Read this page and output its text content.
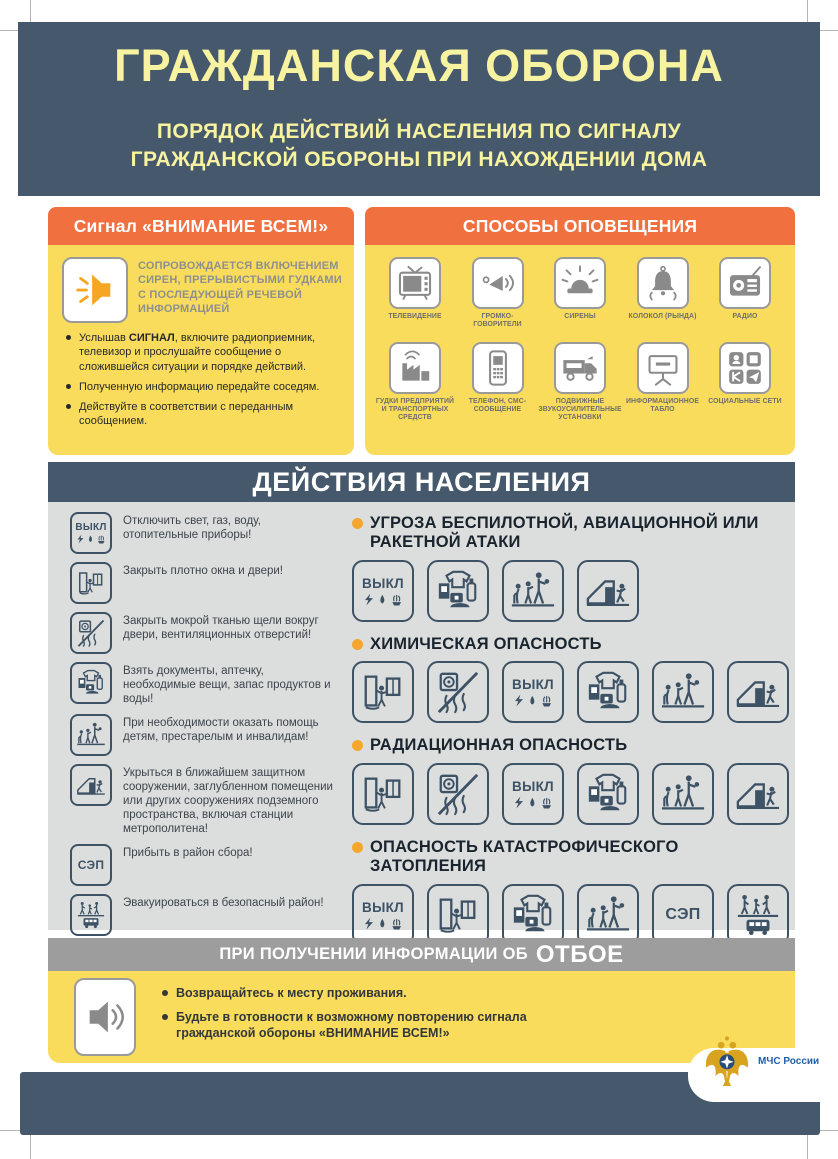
ГРАЖДАНСКАЯ ОБОРОНА
ПОРЯДОК ДЕЙСТВИЙ НАСЕЛЕНИЯ ПО СИГНАЛУ
ГРАЖДАНСКОЙ ОБОРОНЫ ПРИ НАХОЖДЕНИИ ДОМА
Сигнал «ВНИМАНИЕ ВСЕМ!»
СОПРОВОЖДАЕТСЯ ВКЛЮЧЕНИЕМ СИРЕН, ПРЕРЫВИСТЫМИ ГУДКАМИ С ПОСЛЕДУЮЩЕЙ РЕЧЕВОЙ ИНФОРМАЦИЕЙ
Услышав СИГНАЛ, включите радиоприемник, телевизор и прослушайте сообщение о сложившейся ситуации и порядке действий.
Полученную информацию передайте соседям.
Действуйте в соответствии с переданным сообщением.
СПОСОБЫ ОПОВЕЩЕНИЯ
ТЕЛЕВИДЕНИЕ	ГРОМКО-ГОВОРИТЕЛИ
СИРЕНЫ	КОЛОКОЛ (РЫНДА)	РАДИО
ГУДКИ ПРЕДПРИЯТИЙ И ТРАНСПОРТНЫХ СРЕДСТВ
ТЕЛЕФОН, СМС-СООБЩЕНИЕ
ПОДВИЖНЫЕ ЗВУКОУСИЛИТЕЛЬНЫЕ УСТАНОВКИ
ИНФОРМАЦИОННОЕ ТАБЛО
СОЦИАЛЬНЫЕ СЕТИ
ДЕЙСТВИЯ НАСЕЛЕНИЯ
ВЫКЛ
Отключить свет, газ, воду, отопительные приборы!
Закрыть плотно окна и двери!
Закрыть мокрой тканью щели вокруг двери, вентиляционных отверстий!
Взять документы, аптечку, необходимые вещи, запас продуктов и воды!
При необходимости оказать помощь детям, престарелым и инвалидам!
Укрыться в ближайшем защитном сооружении, заглубленном помещении или других сооружениях подземного пространства, включая станции метрополитена!
СЭП
Прибыть в район сбора!
Эвакуироваться в безопасный район!
УГРОЗА БЕСПИЛОТНОЙ, АВИАЦИОННОЙ ИЛИ РАКЕТНОЙ АТАКИ
ВЫКЛ
ХИМИЧЕСКАЯ ОПАСНОСТЬ
ВЫКЛ
РАДИАЦИОННАЯ ОПАСНОСТЬ
ВЫКЛ
ОПАСНОСТЬ КАТАСТРОФИЧЕСКОГО ЗАТОПЛЕНИЯ
ВЫКЛ	СЭП
ПРИ ПОЛУЧЕНИИ ИНФОРМАЦИИ ОБ ОТБОЕ
Возвращайтесь к месту проживания.
Будьте в готовности к возможному повторению сигнала гражданской обороны «ВНИМАНИЕ ВСЕМ!»
МЧС России
